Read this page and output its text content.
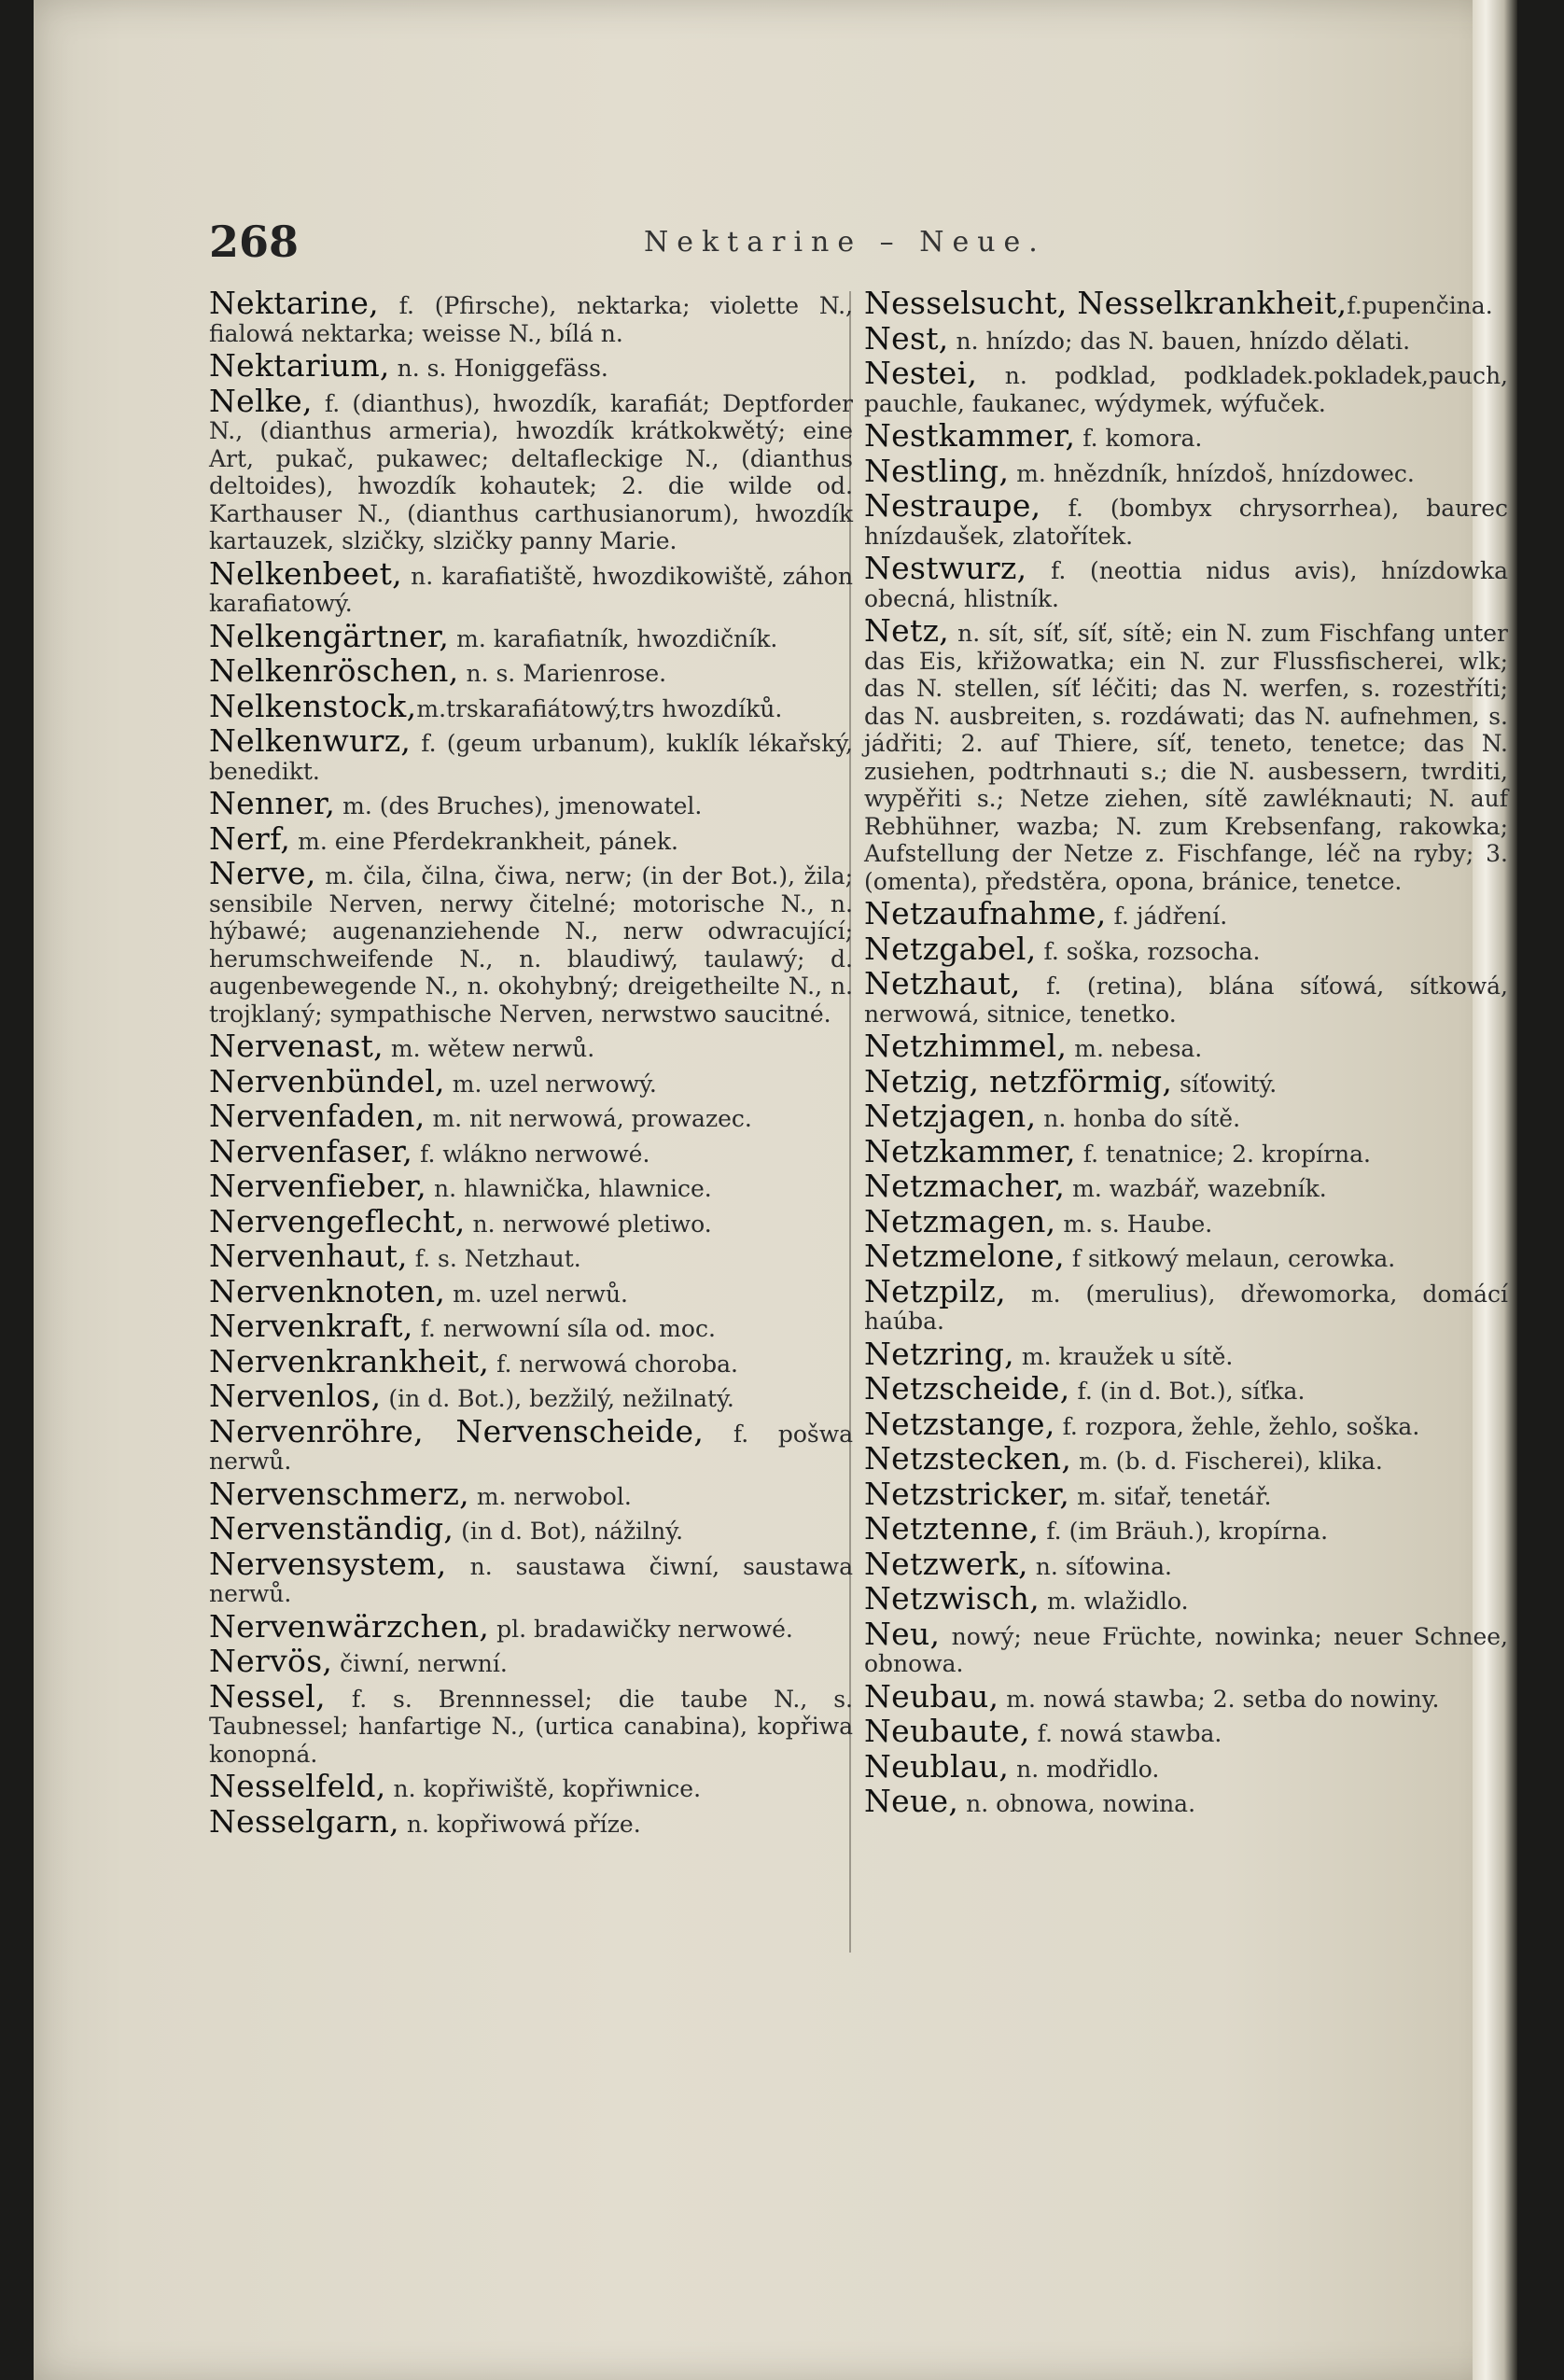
268	Nektarine – Neue.

Nektarine, f. (Pfirsche), nektarka; violette N., fialowá nektarka; weisse N., bílá n.

Nektarium, n. s. Honiggefäss.

Nelke, f. (dianthus), hwozdík, karafiát; Deptforder N., (dianthus armeria), hwozdík krátkokwětý; eine Art, pukač, pukawec; deltafleckige N., (dianthus deltoides), hwozdík kohautek; 2. die wilde od. Karthauser N., (dianthus carthusianorum), hwozdík kartauzek, slzičky, slzičky panny Marie.

Nelkenbeet, n. karafiatiště, hwozdikowiště, záhon karafiatowý.

Nelkengärtner, m. karafiatník, hwozdičník.

Nelkenröschen, n. s. Marienrose.

Nelkenstock,m.trskarafiátowý,trs hwozdíků.

Nelkenwurz, f. (geum urbanum), kuklík lékařský, benedikt.

Nenner, m. (des Bruches), jmenowatel.

Nerf, m. eine Pferdekrankheit, pánek.

Nerve, m. čila, čilna, čiwa, nerw; (in der Bot.), žila; sensibile Nerven, nerwy čitelné; motorische N., n. hýbawé; augenanziehende N., nerw odwracující; herumschweifende N., n. blaudiwý, taulawý; d. augenbewegende N., n. okohybný; dreigetheilte N., n. trojklaný; sympathische Nerven, nerwstwo saucitné.

Nervenast, m. wětew nerwů.

Nervenbündel, m. uzel nerwowý.

Nervenfaden, m. nit nerwowá, prowazec.

Nervenfaser, f. wlákno nerwowé.

Nervenfieber, n. hlawnička, hlawnice.

Nervengeflecht, n. nerwowé pletiwo.

Nervenhaut, f. s. Netzhaut.

Nervenknoten, m. uzel nerwů.

Nervenkraft, f. nerwowní síla od. moc.

Nervenkrankheit, f. nerwowá choroba.

Nervenlos, (in d. Bot.), bezžilý, nežilnatý.

Nervenröhre, Nervenscheide, f. pošwa nerwů.

Nervenschmerz, m. nerwobol.

Nervenständig, (in d. Bot), nážilný.

Nervensystem, n. saustawa čiwní, saustawa nerwů.

Nervenwärzchen, pl. bradawičky nerwowé.

Nervös, čiwní, nerwní.

Nessel, f. s. Brennnessel; die taube N., s. Taubnessel; hanfartige N., (urtica canabina), kopřiwa konopná.

Nesselfeld, n. kopřiwiště, kopřiwnice.

Nesselgarn, n. kopřiwowá příze.

Nesselsucht, Nesselkrankheit,f.pupenčina.

Nest, n. hnízdo; das N. bauen, hnízdo dělati.

Nestei, n. podklad, podkladek.pokladek,pauch, pauchle, faukanec, wýdymek, wýfuček.

Nestkammer, f. komora.

Nestling, m. hnězdník, hnízdoš, hnízdowec.

Nestraupe, f. (bombyx chrysorrhea), baurec hnízdaušek, zlatořítek.

Nestwurz, f. (neottia nidus avis), hnízdowka obecná, hlistník.

Netz, n. sít, síť, síť, sítě; ein N. zum Fischfang unter das Eis, křižowatka; ein N. zur Flussfischerei, wlk; das N. stellen, síť léčiti; das N. werfen, s. rozestříti; das N. ausbreiten, s. rozdáwati; das N. aufnehmen, s. jádřiti; 2. auf Thiere, síť, teneto, tenetce; das N. zusiehen, podtrhnauti s.; die N. ausbessern, twrditi, wypěřiti s.; Netze ziehen, sítě zawléknauti; N. auf Rebhühner, wazba; N. zum Krebsenfang, rakowka; Aufstellung der Netze z. Fischfange, léč na ryby; 3. (omenta), předstěra, opona, bránice, tenetce.

Netzaufnahme, f. jádření.

Netzgabel, f. soška, rozsocha.

Netzhaut, f. (retina), blána síťowá, sítkowá, nerwowá, sitnice, tenetko.

Netzhimmel, m. nebesa.

Netzig, netzförmig, síťowitý.

Netzjagen, n. honba do sítě.

Netzkammer, f. tenatnice; 2. kropírna.

Netzmacher, m. wazbář, wazebník.

Netzmagen, m. s. Haube.

Netzmelone, f sitkowý melaun, cerowka.

Netzpilz, m. (merulius), dřewomorka, domácí haúba.

Netzring, m. kraužek u sítě.

Netzscheide, f. (in d. Bot.), síťka.

Netzstange, f. rozpora, žehle, žehlo, soška.

Netzstecken, m. (b. d. Fischerei), klika.

Netzstricker, m. siťař, tenetář.

Netztenne, f. (im Bräuh.), kropírna.

Netzwerk, n. síťowina.

Netzwisch, m. wlažidlo.

Neu, nowý; neue Früchte, nowinka; neuer Schnee, obnowa.

Neubau, m. nowá stawba; 2. setba do nowiny.

Neubaute, f. nowá stawba.

Neublau, n. modřidlo.

Neue, n. obnowa, nowina.
